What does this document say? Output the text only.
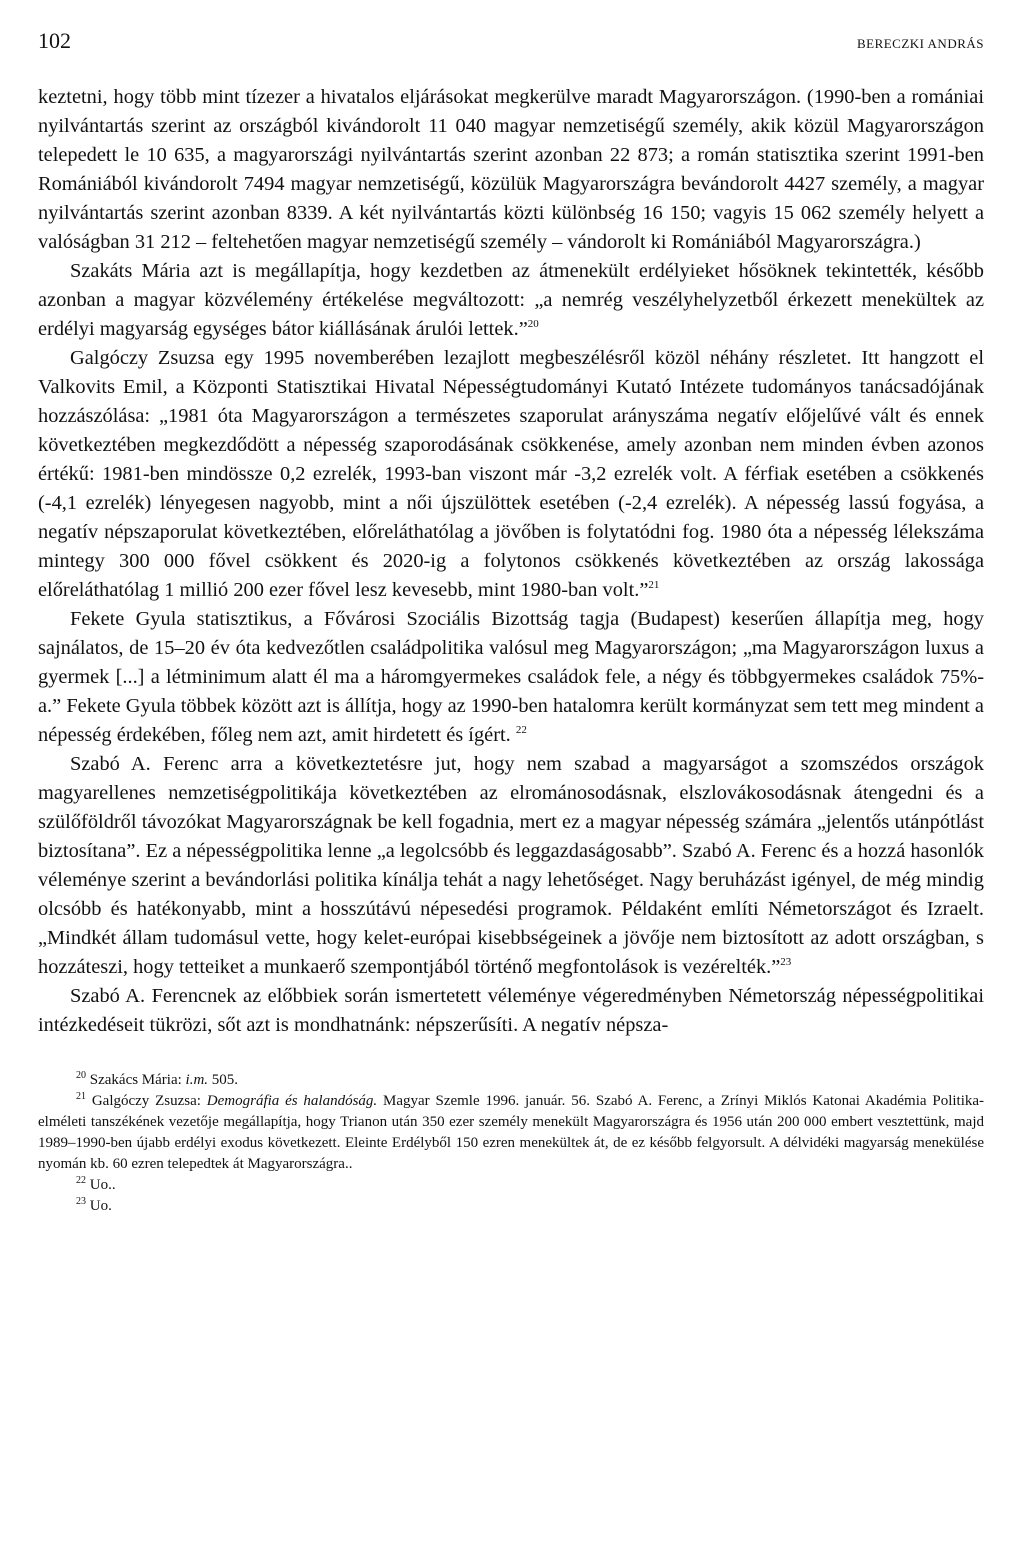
102	BERECZKI ANDRÁS

keztetni, hogy több mint tízezer a hivatalos eljárásokat megkerülve maradt Magyarországon. (1990-ben a romániai nyilvántartás szerint az országból kivándorolt 11 040 magyar nemzetiségű személy, akik közül Magyarországon telepedett le 10 635, a magyarországi nyilvántartás szerint azonban 22 873; a román statisztika szerint 1991-ben Romániából kivándorolt 7494 magyar nemzetiségű, közülük Magyarországra bevándorolt 4427 személy, a magyar nyilvántartás szerint azonban 8339. A két nyilvántartás közti különbség 16 150; vagyis 15 062 személy helyett a valóságban 31 212 – feltehetően magyar nemzetiségű személy – vándorolt ki Romániából Magyarországra.)

Szakáts Mária azt is megállapítja, hogy kezdetben az átmenekült erdélyieket hősöknek tekintették, később azonban a magyar közvélemény értékelése megváltozott: „a nemrég veszélyhelyzetből érkezett menekültek az erdélyi magyarság egységes bátor kiállásának árulói lettek.”$^{20}$

Galgóczy Zsuzsa egy 1995 novemberében lezajlott megbeszélésről közöl néhány részletet. Itt hangzott el Valkovits Emil, a Központi Statisztikai Hivatal Népességtudományi Kutató Intézete tudományos tanácsadójának hozzászólása: „1981 óta Magyarországon a természetes szaporulat arányszáma negatív előjelűvé vált és ennek következtében megkezdődött a népesség szaporodásának csökkenése, amely azonban nem minden évben azonos értékű: 1981-ben mindössze 0,2 ezrelék, 1993-ban viszont már -3,2 ezrelék volt. A férfiak esetében a csökkenés (-4,1 ezrelék) lényegesen nagyobb, mint a női újszülöttek esetében (-2,4 ezrelék). A népesség lassú fogyása, a negatív népszaporulat következtében, előreláthatólag a jövőben is folytatódni fog. 1980 óta a népesség lélekszáma mintegy 300 000 fővel csökkent és 2020-ig a folytonos csökkenés következtében az ország lakossága előreláthatólag 1 millió 200 ezer fővel lesz kevesebb, mint 1980-ban volt.”$^{21}$

Fekete Gyula statisztikus, a Fővárosi Szociális Bizottság tagja (Budapest) keserűen állapítja meg, hogy sajnálatos, de 15–20 év óta kedvezőtlen családpolitika valósul meg Magyarországon; „ma Magyarországon luxus a gyermek [...] a létminimum alatt él ma a háromgyermekes családok fele, a négy és többgyermekes családok 75%-a.” Fekete Gyula többek között azt is állítja, hogy az 1990-ben hatalomra került kormányzat sem tett meg mindent a népesség érdekében, főleg nem azt, amit hirdetett és ígért. $^{22}$

Szabó A. Ferenc arra a következtetésre jut, hogy nem szabad a magyarságot a szomszédos országok magyarellenes nemzetiségpolitikája következtében az elrománosodásnak, elszlovákosodásnak átengedni és a szülőföldről távozókat Magyarországnak be kell fogadnia, mert ez a magyar népesség számára „jelentős utánpótlást biztosítana”. Ez a népességpolitika lenne „a legolcsóbb és leggazdaságosabb”. Szabó A. Ferenc és a hozzá hasonlók véleménye szerint a bevándorlási politika kínálja tehát a nagy lehetőséget. Nagy beruházást igényel, de még mindig olcsóbb és hatékonyabb, mint a hosszútávú népesedési programok. Példaként említi Németországot és Izraelt. „Mindkét állam tudomásul vette, hogy kelet-európai kisebbségeinek a jövője nem biztosított az adott országban, s hozzáteszi, hogy tetteiket a munkaerő szempontjából történő megfontolások is vezérelték.”$^{23}$

Szabó A. Ferencnek az előbbiek során ismertetett véleménye végeredményben Németország népességpolitikai intézkedéseit tükrözi, sőt azt is mondhatnánk: népszerűsíti. A negatív népsza-

$^{20}$ Szakács Mária: i.m. 505.

$^{21}$ Galgóczy Zsuzsa: Demográfia és halandóság. Magyar Szemle 1996. január. 56. Szabó A. Ferenc, a Zrínyi Miklós Katonai Akadémia Politika-elméleti tanszékének vezetője megállapítja, hogy Trianon után 350 ezer személy menekült Magyarországra és 1956 után 200 000 embert vesztettünk, majd 1989–1990-ben újabb erdélyi exodus következett. Eleinte Erdélyből 150 ezren menekültek át, de ez később felgyorsult. A délvidéki magyarság menekülése nyomán kb. 60 ezren telepedtek át Magyarországra..

$^{22}$ Uo..

$^{23}$ Uo.
